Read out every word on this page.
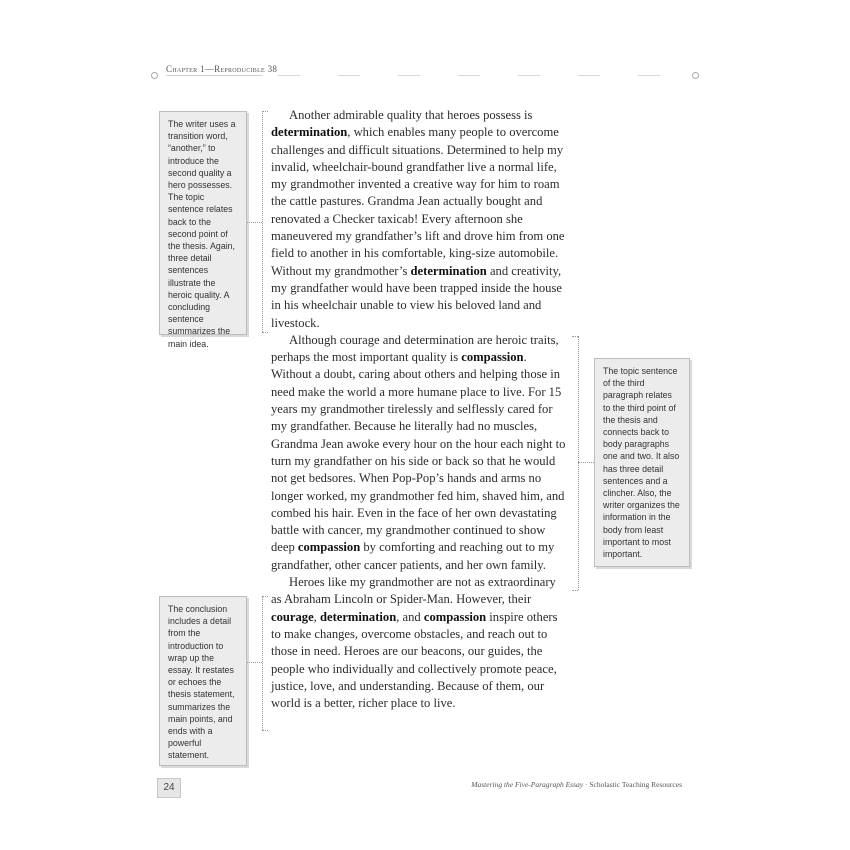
Chapter 1—Reproducible 38

The writer uses a transition word, “another,” to introduce the second quality a hero possesses. The topic sentence relates back to the second point of the thesis. Again, three detail sentences illustrate the heroic quality. A concluding sentence summarizes the main idea.

The topic sentence of the third paragraph relates to the third point of the thesis and connects back to body paragraphs one and two. It also has three detail sentences and a clincher. Also, the writer organizes the information in the body from least important to most important.

The conclusion includes a detail from the introduction to wrap up the essay. It restates or echoes the thesis statement, summarizes the main points, and ends with a powerful statement.

Another admirable quality that heroes possess is determination, which enables many people to overcome challenges and difficult situations. Determined to help my invalid, wheelchair-bound grandfather live a normal life, my grandmother invented a creative way for him to roam the cattle pastures. Grandma Jean actually bought and renovated a Checker taxicab! Every afternoon she maneuvered my grandfather’s lift and drove him from one field to another in his comfortable, king-size automobile. Without my grandmother’s determination and creativity, my grandfather would have been trapped inside the house in his wheelchair unable to view his beloved land and livestock.

Although courage and determination are heroic traits, perhaps the most important quality is compassion. Without a doubt, caring about others and helping those in need make the world a more humane place to live. For 15 years my grandmother tirelessly and selflessly cared for my grandfather. Because he literally had no muscles, Grandma Jean awoke every hour on the hour each night to turn my grandfather on his side or back so that he would not get bedsores. When Pop-Pop’s hands and arms no longer worked, my grandmother fed him, shaved him, and combed his hair. Even in the face of her own devastating battle with cancer, my grandmother continued to show deep compassion by comforting and reaching out to my grandfather, other cancer patients, and her own family.

Heroes like my grandmother are not as extraordinary as Abraham Lincoln or Spider-Man. However, their courage, determination, and compassion inspire others to make changes, overcome obstacles, and reach out to those in need. Heroes are our beacons, our guides, the people who individually and collectively promote peace, justice, love, and understanding. Because of them, our world is a better, richer place to live.

24	Mastering the Five-Paragraph Essay · Scholastic Teaching Resources
